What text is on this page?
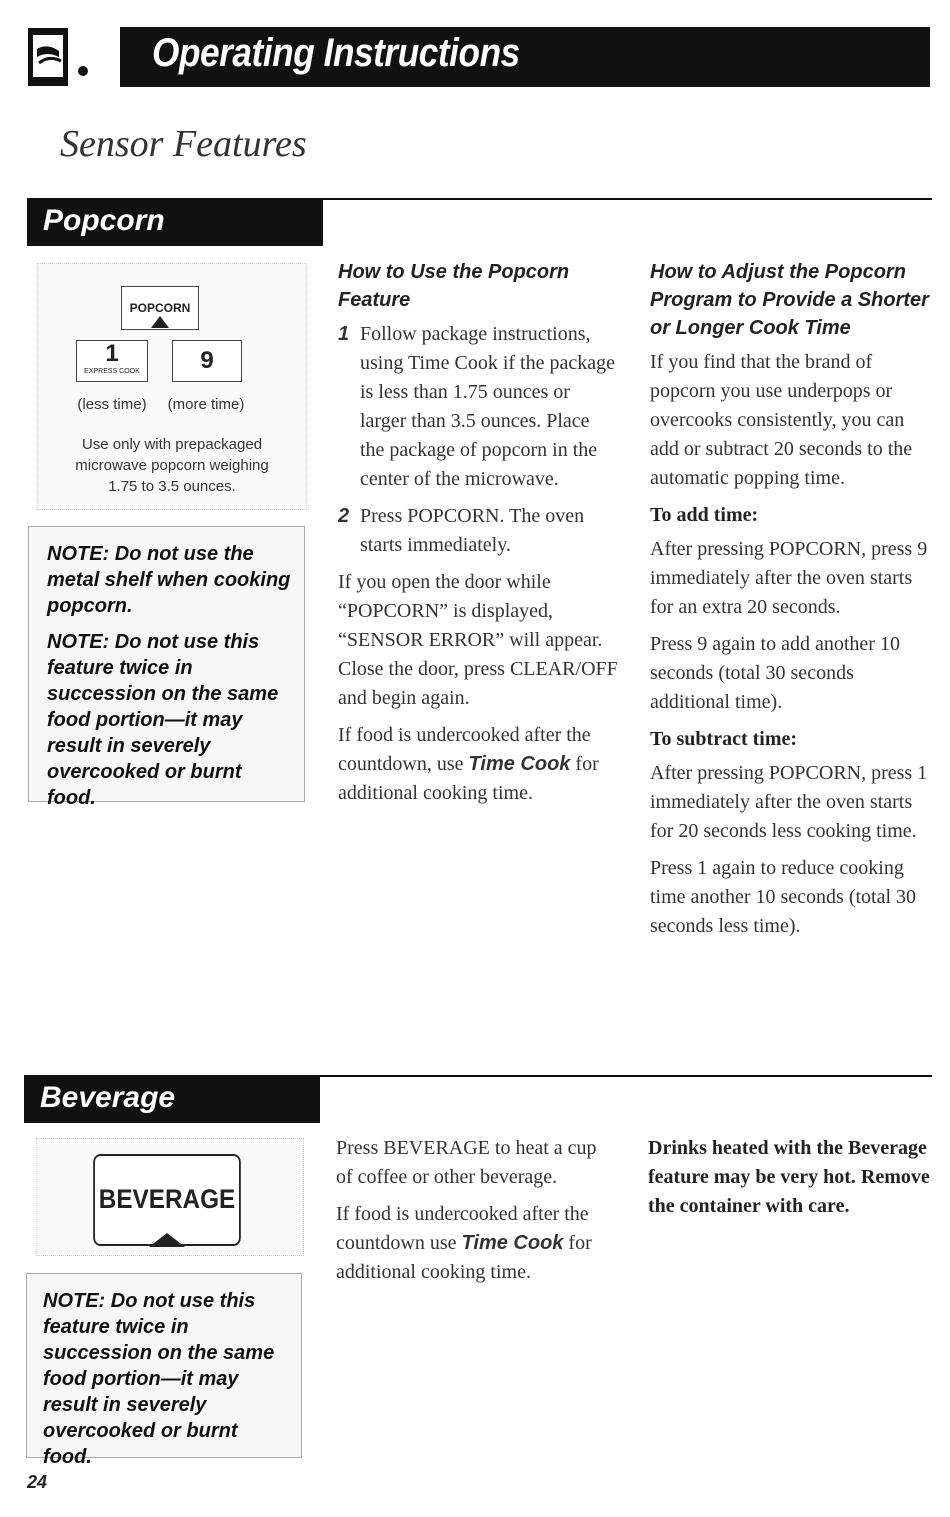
Operating Instructions
Sensor Features
Popcorn
POPCORN
1
EXPRESS COOK	9
(less time)	(more time)
Use only with prepackaged
microwave popcorn weighing
1.75 to 3.5 ounces.

NOTE: Do not use the metal shelf when cooking popcorn.

NOTE: Do not use this feature twice in succession on the same food portion—it may result in severely overcooked or burnt food.

How to Use the Popcorn Feature

1 Follow package instructions, using Time Cook if the package is less than 1.75 ounces or larger than 3.5 ounces. Place the package of popcorn in the center of the microwave.
2 Press POPCORN. The oven starts immediately.

If you open the door while “POPCORN” is displayed, “SENSOR ERROR” will appear. Close the door, press CLEAR/OFF and begin again.

If food is undercooked after the countdown, use Time Cook for additional cooking time.

How to Adjust the Popcorn Program to Provide a Shorter or Longer Cook Time

If you find that the brand of popcorn you use underpops or overcooks consistently, you can add or subtract 20 seconds to the automatic popping time.

To add time:

After pressing POPCORN, press 9 immediately after the oven starts for an extra 20 seconds.

Press 9 again to add another 10 seconds (total 30 seconds additional time).

To subtract time:

After pressing POPCORN, press 1 immediately after the oven starts for 20 seconds less cooking time.

Press 1 again to reduce cooking time another 10 seconds (total 30 seconds less time).

Beverage
BEVERAGE

NOTE: Do not use this feature twice in succession on the same food portion—it may result in severely overcooked or burnt food.

Press BEVERAGE to heat a cup of coffee or other beverage.

If food is undercooked after the countdown use Time Cook for additional cooking time.

Drinks heated with the Beverage feature may be very hot. Remove the container with care.

24
